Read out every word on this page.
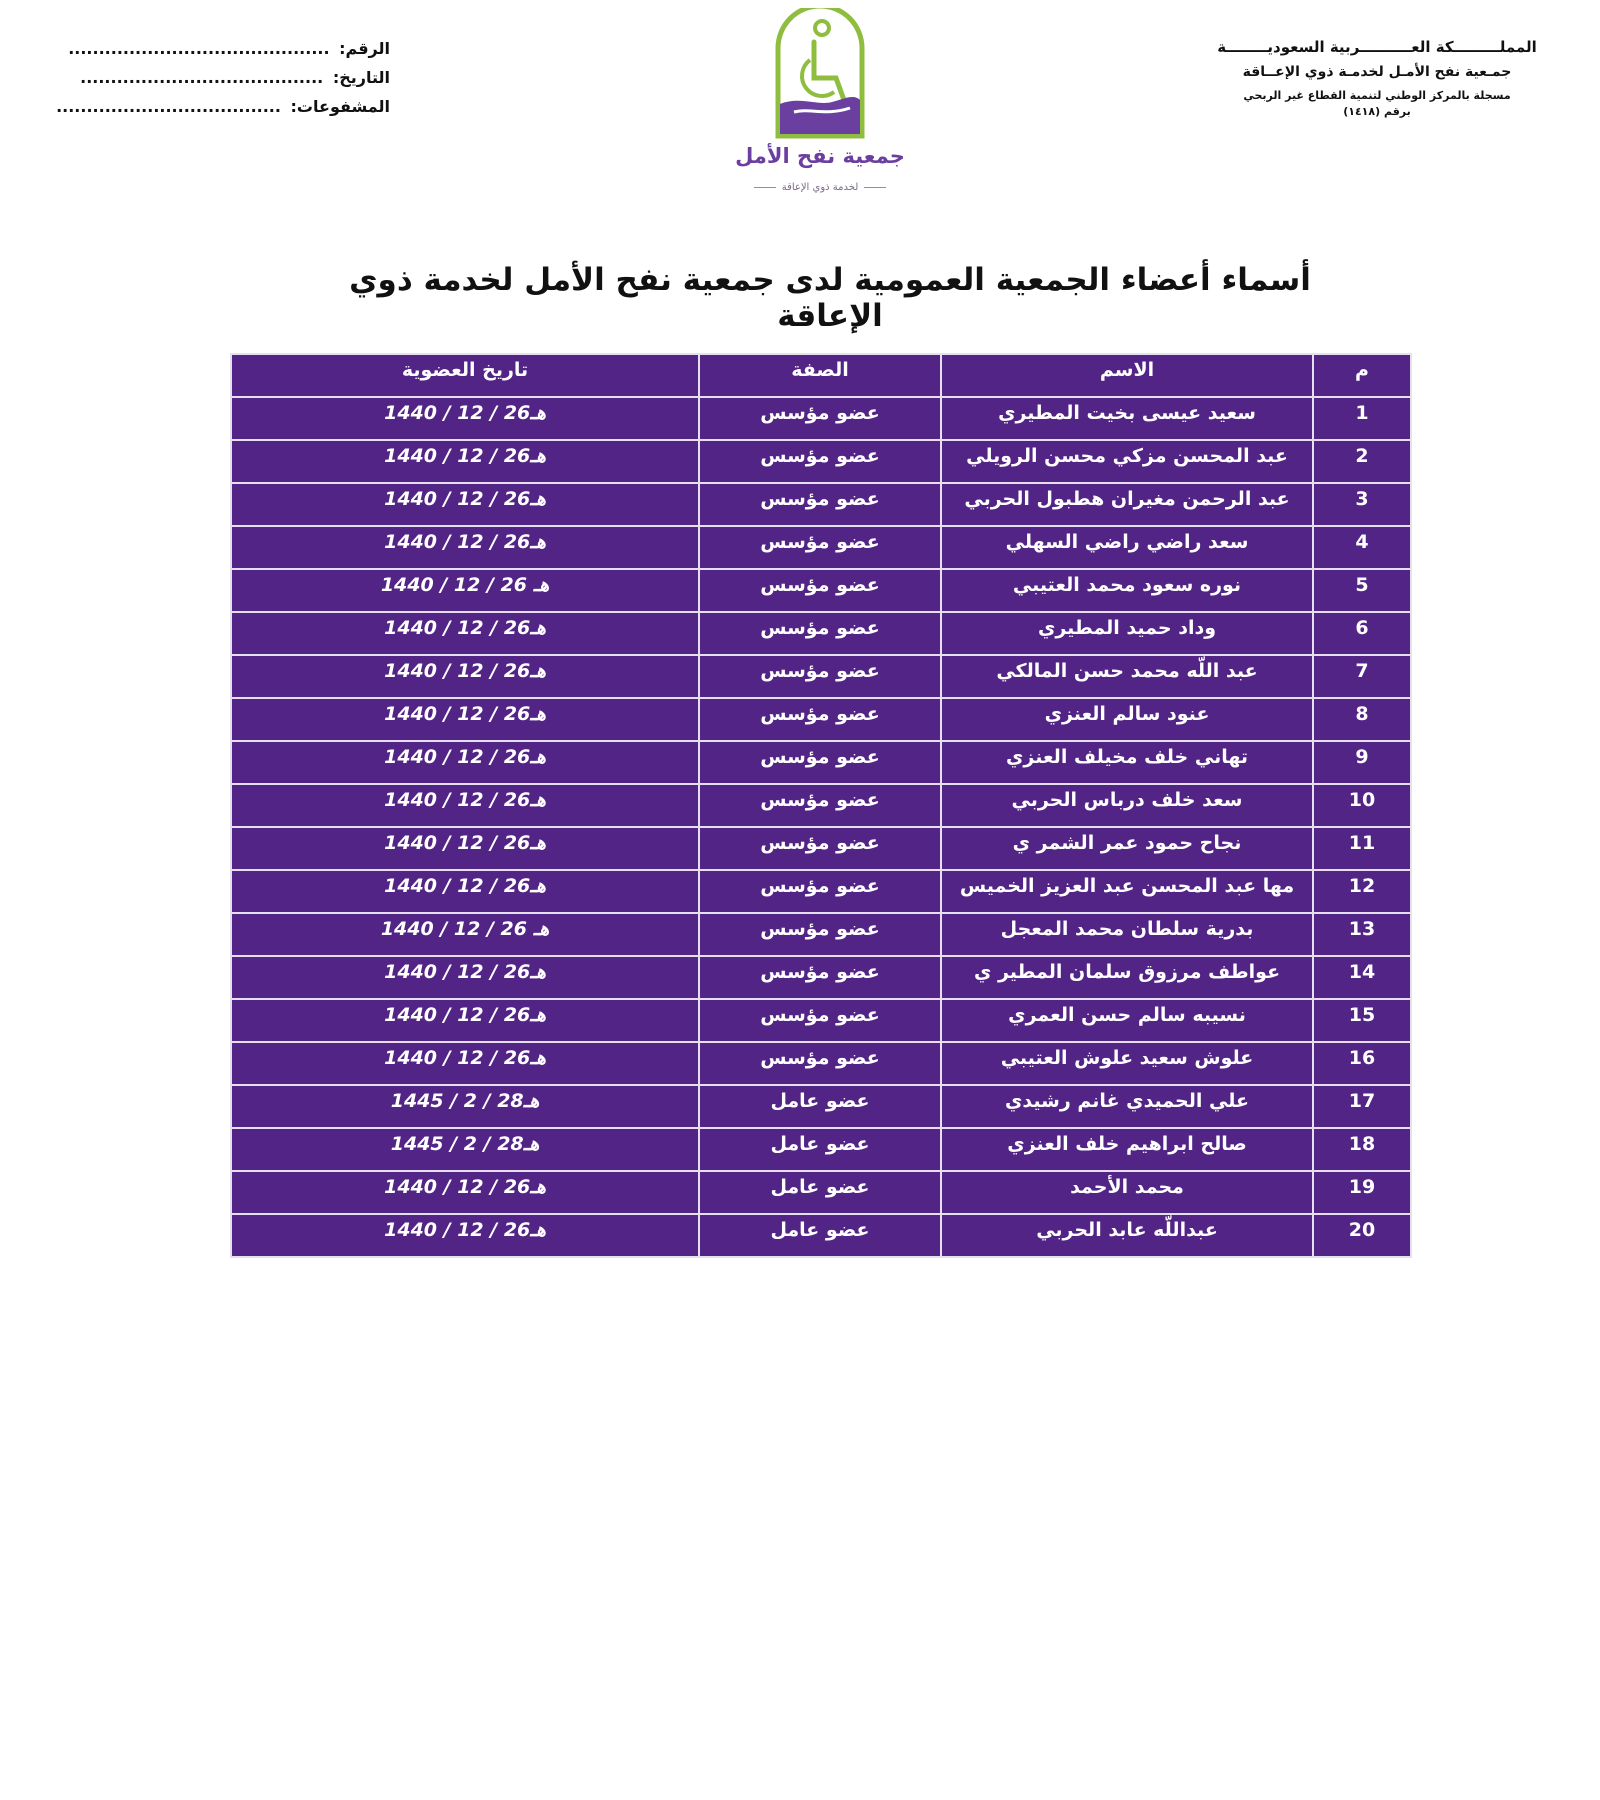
المملـــــــــكة العــــــــــربية السعوديــــــــة
جمـعية نفح الأمـل لخدمـة ذوي الإعــاقة
مسجلة بالمركز الوطني لتنمية القطاع غير الربحي
برقم (١٤١٨)
الرقم: ...........................................
التاريخ: ........................................
المشفوعات: .....................................
جمعية نفح الأمل
لخدمة ذوي الإعاقة
أسماء أعضاء الجمعية العمومية لدى جمعية نفح الأمل لخدمة ذوي الإعاقة
م	الاسم	الصفة	تاريخ العضوية
1	سعيد عيسى بخيت المطيري	عضو مؤسس	هـ26 / 12 / 1440
2	عبد المحسن مزكي محسن الرويلي	عضو مؤسس	هـ26 / 12 / 1440
3	عبد الرحمن مغيران هطبول الحربي	عضو مؤسس	هـ26 / 12 / 1440
4	سعد راضي راضي السهلي	عضو مؤسس	هـ26 / 12 / 1440
5	نوره سعود محمد العتيبي	عضو مؤسس	هـ 26 / 12 / 1440
6	وداد حميد المطيري	عضو مؤسس	هـ26 / 12 / 1440
7	عبد اللّه محمد حسن المالكي	عضو مؤسس	هـ26 / 12 / 1440
8	عنود سالم العنزي	عضو مؤسس	هـ26 / 12 / 1440
9	تهاني خلف مخيلف العنزي	عضو مؤسس	هـ26 / 12 / 1440
10	سعد خلف درباس الحربي	عضو مؤسس	هـ26 / 12 / 1440
11	نجاح حمود عمر الشمر ي	عضو مؤسس	هـ26 / 12 / 1440
12	مها عبد المحسن عبد العزيز الخميس	عضو مؤسس	هـ26 / 12 / 1440
13	بدرية سلطان محمد المعجل	عضو مؤسس	هـ 26 / 12 / 1440
14	عواطف مرزوق سلمان المطير ي	عضو مؤسس	هـ26 / 12 / 1440
15	نسيبه سالم حسن العمري	عضو مؤسس	هـ26 / 12 / 1440
16	علوش سعيد علوش العتيبي	عضو مؤسس	هـ26 / 12 / 1440
17	علي الحميدي غانم رشيدي	عضو عامل	هـ28 / 2 / 1445
18	صالح ابراهيم خلف العنزي	عضو عامل	هـ28 / 2 / 1445
19	محمد الأحمد	عضو عامل	هـ26 / 12 / 1440
20	عبداللّه عابد الحربي	عضو عامل	هـ26 / 12 / 1440
